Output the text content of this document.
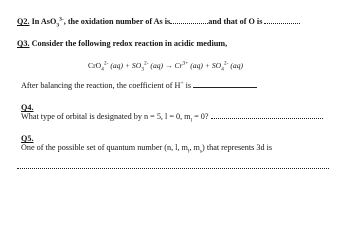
Q2. In AsO$_3^{3-}$, the oxidation number of As is	and that of O is
Q3. Consider the following redox reaction in acidic medium,
CrO$_4^{2-}$ $(aq) + SO_3^{2-}$ $(aq) \to Cr^{3+}$ $(aq) + SO_4^{2-}$ (aq)
After balancing the reaction, the coefficient of H+ is
Q4.
What type of orbital is designated by n = 5, l = 0, $m_l = 0$?
Q5.
One of the possible set of quantum number (n, l, $m_l$, $m_s$) that represents 3d is
